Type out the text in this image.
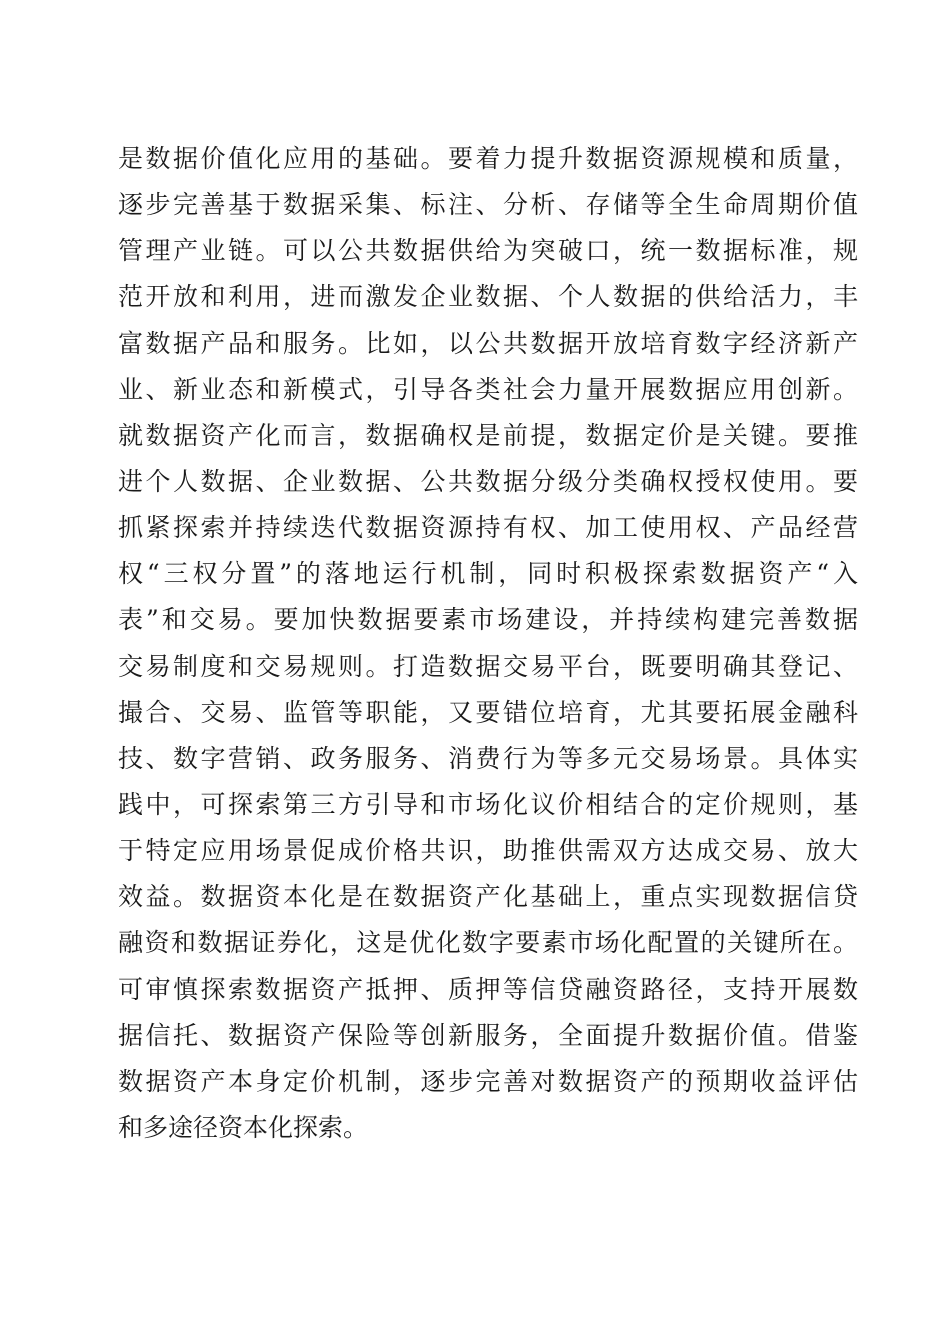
是数据价值化应用的基础。要着力提升数据资源规模和质量，
逐步完善基于数据采集、标注、分析、存储等全生命周期价值
管理产业链。可以公共数据供给为突破口，统一数据标准，规
范开放和利用，进而激发企业数据、个人数据的供给活力，丰
富数据产品和服务。比如，以公共数据开放培育数字经济新产
业、新业态和新模式，引导各类社会力量开展数据应用创新。
就数据资产化而言，数据确权是前提，数据定价是关键。要推
进个人数据、企业数据、公共数据分级分类确权授权使用。要
抓紧探索并持续迭代数据资源持有权、加工使用权、产品经营
权“三权分置”的落地运行机制，同时积极探索数据资产“入
表”和交易。要加快数据要素市场建设，并持续构建完善数据
交易制度和交易规则。打造数据交易平台，既要明确其登记、
撮合、交易、监管等职能，又要错位培育，尤其要拓展金融科
技、数字营销、政务服务、消费行为等多元交易场景。具体实
践中，可探索第三方引导和市场化议价相结合的定价规则，基
于特定应用场景促成价格共识，助推供需双方达成交易、放大
效益。数据资本化是在数据资产化基础上，重点实现数据信贷
融资和数据证券化，这是优化数字要素市场化配置的关键所在。
可审慎探索数据资产抵押、质押等信贷融资路径，支持开展数
据信托、数据资产保险等创新服务，全面提升数据价值。借鉴
数据资产本身定价机制，逐步完善对数据资产的预期收益评估
和多途径资本化探索。
